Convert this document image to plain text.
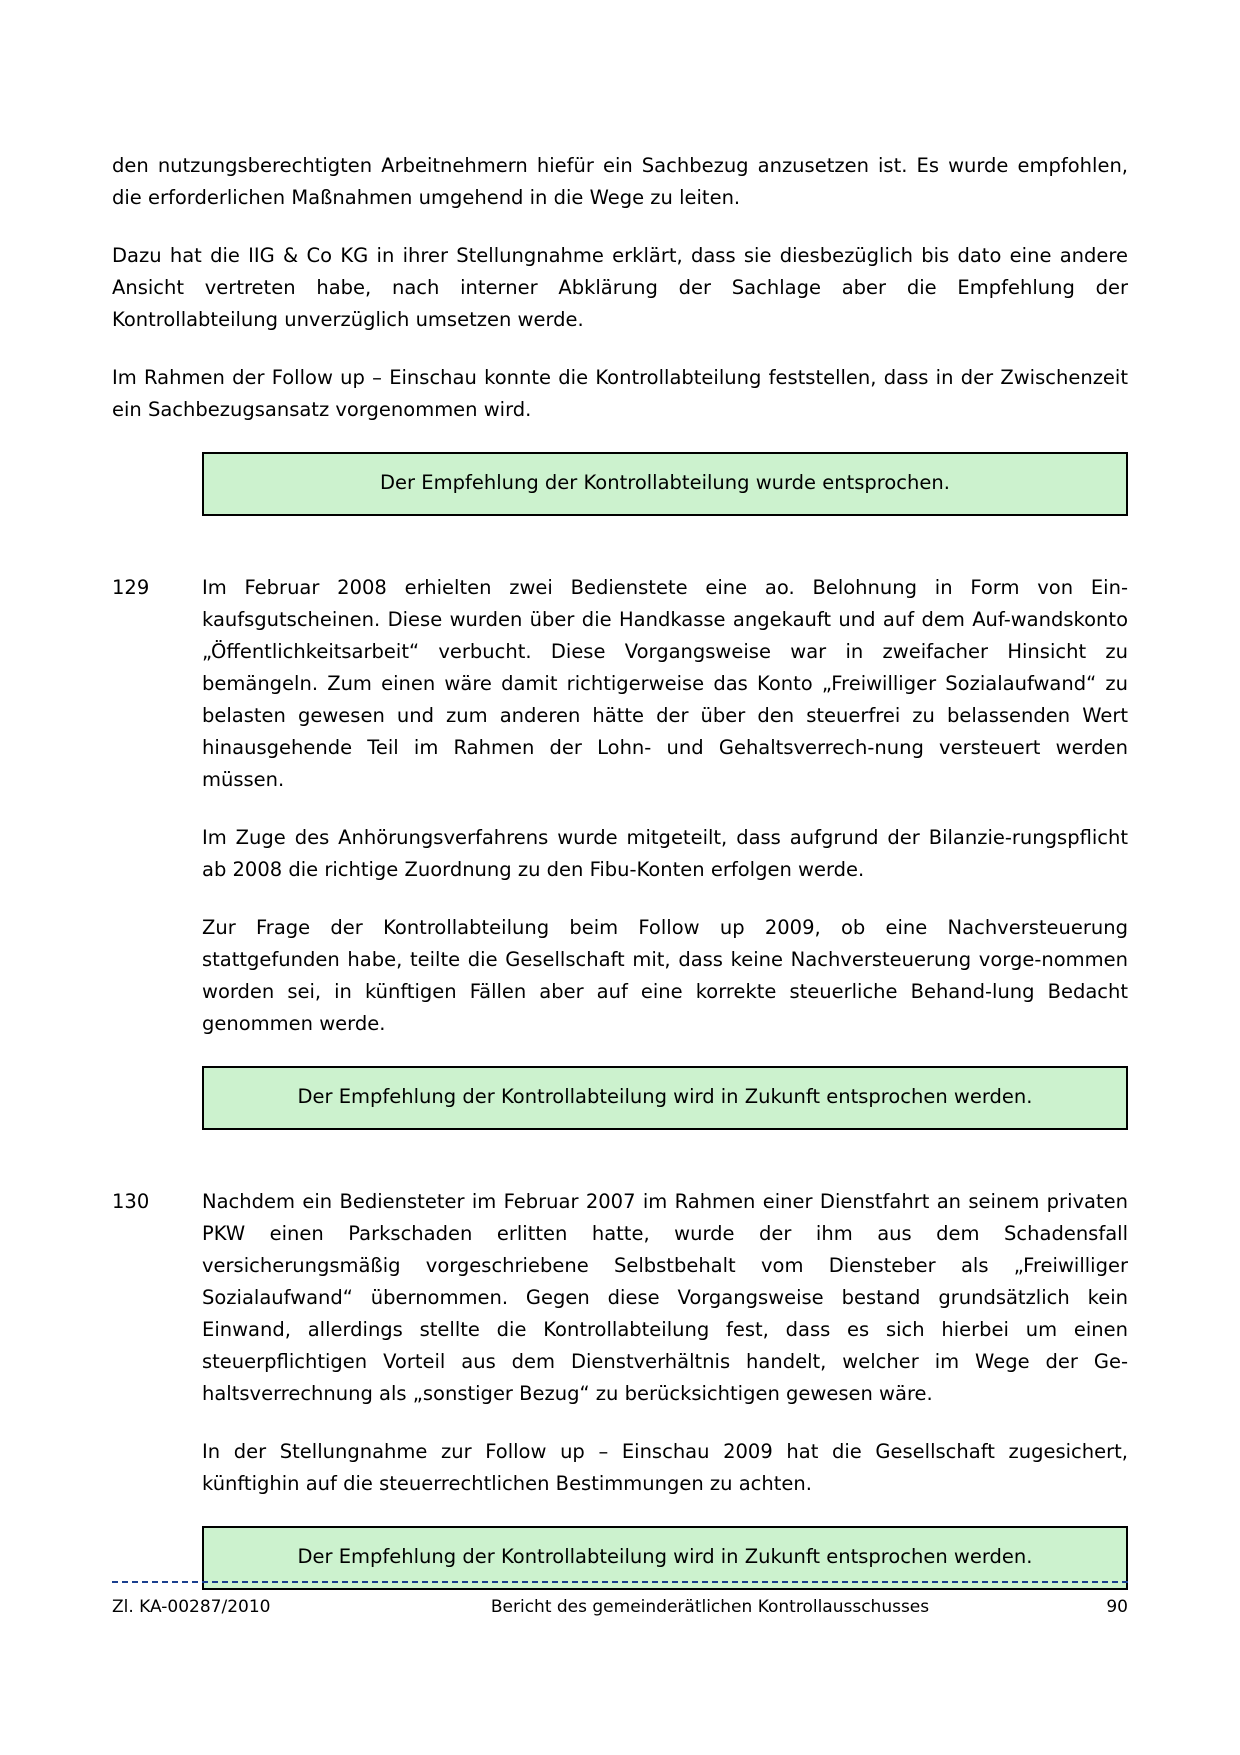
den nutzungsberechtigten Arbeitnehmern hiefür ein Sachbezug anzusetzen ist. Es wurde empfohlen, die erforderlichen Maßnahmen umgehend in die Wege zu leiten.

Dazu hat die IIG & Co KG in ihrer Stellungnahme erklärt, dass sie diesbezüglich bis dato eine andere Ansicht vertreten habe, nach interner Abklärung der Sachlage aber die Empfehlung der Kontrollabteilung unverzüglich umsetzen werde.

Im Rahmen der Follow up – Einschau konnte die Kontrollabteilung feststellen, dass in der Zwischenzeit ein Sachbezugsansatz vorgenommen wird.

Der Empfehlung der Kontrollabteilung wurde entsprochen.
129	Im Februar 2008 erhielten zwei Bedienstete eine ao. Belohnung in Form von Ein-kaufsgutscheinen. Diese wurden über die Handkasse angekauft und auf dem Auf-wandskonto „Öffentlichkeitsarbeit“ verbucht. Diese Vorgangsweise war in zweifacher Hinsicht zu bemängeln. Zum einen wäre damit richtigerweise das Konto „Freiwilliger Sozialaufwand“ zu belasten gewesen und zum anderen hätte der über den steuerfrei zu belassenden Wert hinausgehende Teil im Rahmen der Lohn- und Gehaltsverrech-nung versteuert werden müssen.

Im Zuge des Anhörungsverfahrens wurde mitgeteilt, dass aufgrund der Bilanzie-rungspflicht ab 2008 die richtige Zuordnung zu den Fibu-Konten erfolgen werde.

Zur Frage der Kontrollabteilung beim Follow up 2009, ob eine Nachversteuerung stattgefunden habe, teilte die Gesellschaft mit, dass keine Nachversteuerung vorge-nommen worden sei, in künftigen Fällen aber auf eine korrekte steuerliche Behand-lung Bedacht genommen werde.

Der Empfehlung der Kontrollabteilung wird in Zukunft entsprochen werden.
130	Nachdem ein Bediensteter im Februar 2007 im Rahmen einer Dienstfahrt an seinem privaten PKW einen Parkschaden erlitten hatte, wurde der ihm aus dem Schadensfall versicherungsmäßig vorgeschriebene Selbstbehalt vom Diensteber als „Freiwilliger Sozialaufwand“ übernommen. Gegen diese Vorgangsweise bestand grundsätzlich kein Einwand, allerdings stellte die Kontrollabteilung fest, dass es sich hierbei um einen steuerpflichtigen Vorteil aus dem Dienstverhältnis handelt, welcher im Wege der Ge-haltsverrechnung als „sonstiger Bezug“ zu berücksichtigen gewesen wäre.

In der Stellungnahme zur Follow up – Einschau 2009 hat die Gesellschaft zugesichert, künftighin auf die steuerrechtlichen Bestimmungen zu achten.

Der Empfehlung der Kontrollabteilung wird in Zukunft entsprochen werden.
Zl. KA-00287/2010	Bericht des gemeinderätlichen Kontrollausschusses	90
